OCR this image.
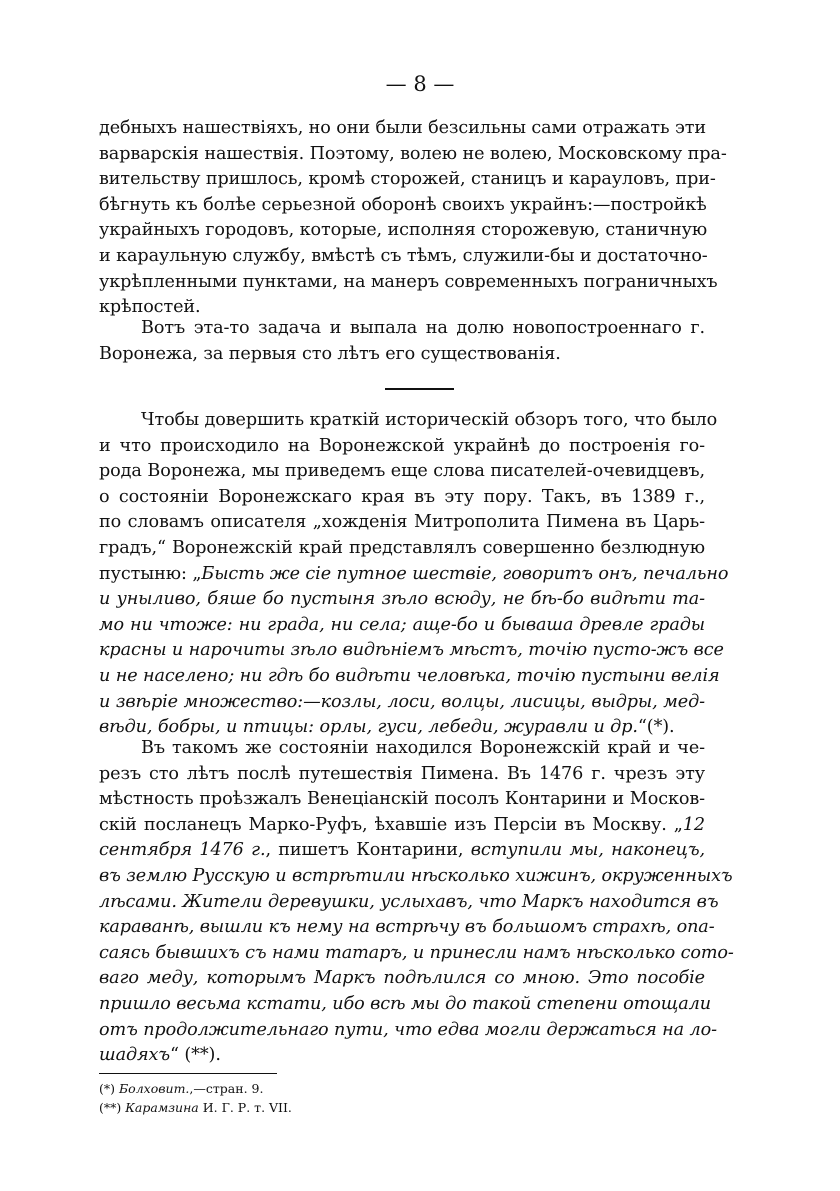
— 8 —
дебныхъ нашествiяхъ, но они были безсильны сами отражать эти
варварскiя нашествiя. Поэтому, волею не волею, Московскому пра-
вительству пришлось, кромѣ сторожей, станицъ и карауловъ, при-
бѣгнуть къ болѣе серьезной оборонѣ своихъ украйнъ:—постройкѣ
украйныхъ городовъ, которые, исполняя сторожевую, станичную
и караульную службу, вмѣстѣ съ тѣмъ, служили-бы и достаточно-
укрѣпленными пунктами, на манеръ современныхъ пограничныхъ
крѣпостей.
Вотъ эта-то задача и выпала на долю новопостроеннаго г.
Воронежа, за первыя сто лѣтъ его существованiя.
Чтобы довершить краткiй историческiй обзоръ того, что было
и что происходило на Воронежской украйнѣ до построенiя го-
рода Воронежа, мы приведемъ еще слова писателей-очевидцевъ,
о состоянiи Воронежскаго края въ эту пору. Такъ, въ 1389 г.,
по словамъ описателя „хожденiя Митрополита Пимена въ Царь-
градъ,“ Воронежскiй край представлялъ совершенно безлюдную
пустыню: „Бысть же сiе путное шествiе, говоритъ онъ, печально
и уныливо, бяше бо пустыня зѣло всюду, не бѣ-бо видѣти та-
мо ни чтоже: ни града, ни села; аще-бо и бываша древле грады
красны и нарочиты зѣло видѣнiемъ мѣстъ, точiю пусто-жъ все
и не населено; ни гдѣ бо видѣти человѣка, точiю пустыни велiя
и звѣрiе множество:—козлы, лоси, волцы, лисицы, выдры, мед-
вѣди, бобры, и птицы: орлы, гуси, лебеди, журавли и др.“(*).
Въ такомъ же состоянiи находился Воронежскiй край и че-
резъ сто лѣтъ послѣ путешествiя Пимена. Въ 1476 г. чрезъ эту
мѣстность проѣзжалъ Венецiанскiй посолъ Контарини и Москов-
скiй посланецъ Марко-Руфъ, ѣхавшiе изъ Персiи въ Москву. „12
сентября 1476 г., пишетъ Контарини, вступили мы, наконецъ,
въ землю Русскую и встрѣтили нѣсколько хижинъ, окруженныхъ
лѣсами. Жители деревушки, услыхавъ, что Маркъ находится въ
караванѣ, вышли къ нему на встрѣчу въ большомъ страхѣ, опа-
саясь бывшихъ съ нами татаръ, и принесли намъ нѣсколько сото-
ваго меду, которымъ Маркъ подѣлился со мною. Это пособiе
пришло весьма кстати, ибо всѣ мы до такой степени отощали
отъ продолжительнаго пути, что едва могли держаться на ло-
шадяхъ“ (**).
(*) Болховит.,—стран. 9.
(**) Карамзина И. Г. Р. т. VII.
